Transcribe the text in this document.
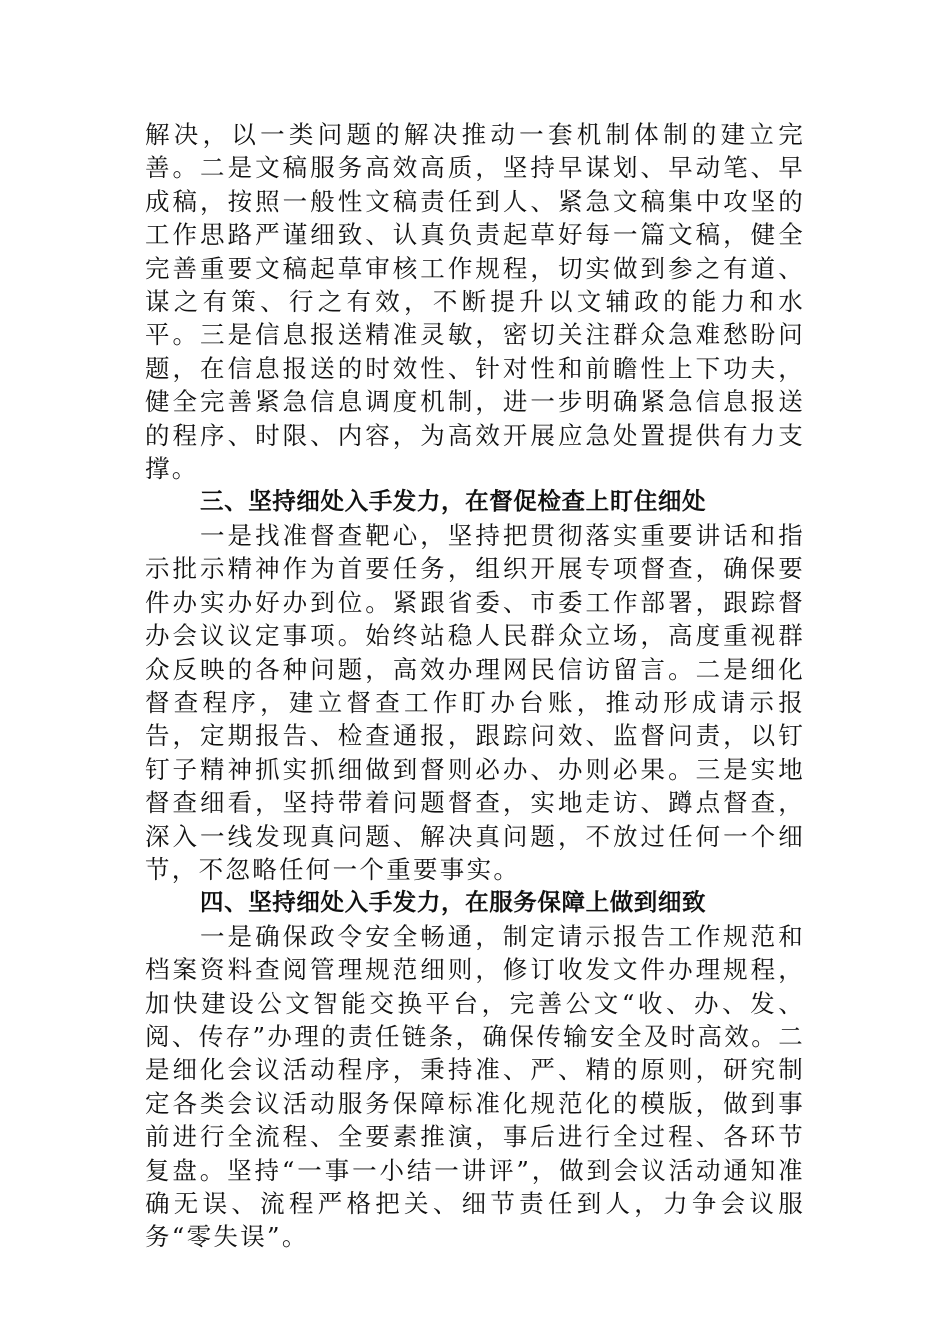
解决，以一类问题的解决推动一套机制体制的建立完善。二是文稿服务高效高质，坚持早谋划、早动笔、早成稿，按照一般性文稿责任到人、紧急文稿集中攻坚的工作思路严谨细致、认真负责起草好每一篇文稿，健全完善重要文稿起草审核工作规程，切实做到参之有道、谋之有策、行之有效，不断提升以文辅政的能力和水平。三是信息报送精准灵敏，密切关注群众急难愁盼问题，在信息报送的时效性、针对性和前瞻性上下功夫，健全完善紧急信息调度机制，进一步明确紧急信息报送的程序、时限、内容，为高效开展应急处置提供有力支撑。

三、坚持细处入手发力，在督促检查上盯住细处

一是找准督查靶心，坚持把贯彻落实重要讲话和指示批示精神作为首要任务，组织开展专项督查，确保要件办实办好办到位。紧跟省委、市委工作部署，跟踪督办会议议定事项。始终站稳人民群众立场，高度重视群众反映的各种问题，高效办理网民信访留言。二是细化督查程序，建立督查工作盯办台账，推动形成请示报告，定期报告、检查通报，跟踪问效、监督问责，以钉钉子精神抓实抓细做到督则必办、办则必果。三是实地督查细看，坚持带着问题督查，实地走访、蹲点督查，深入一线发现真问题、解决真问题，不放过任何一个细节，不忽略任何一个重要事实。

四、坚持细处入手发力，在服务保障上做到细致

一是确保政令安全畅通，制定请示报告工作规范和档案资料查阅管理规范细则，修订收发文件办理规程，加快建设公文智能交换平台，完善公文“收、办、发、阅、传存”办理的责任链条，确保传输安全及时高效。二是细化会议活动程序，秉持准、严、精的原则，研究制定各类会议活动服务保障标准化规范化的模版，做到事前进行全流程、全要素推演，事后进行全过程、各环节复盘。坚持“一事一小结一讲评”，做到会议活动通知准确无误、流程严格把关、细节责任到人，力争会议服务“零失误”。
